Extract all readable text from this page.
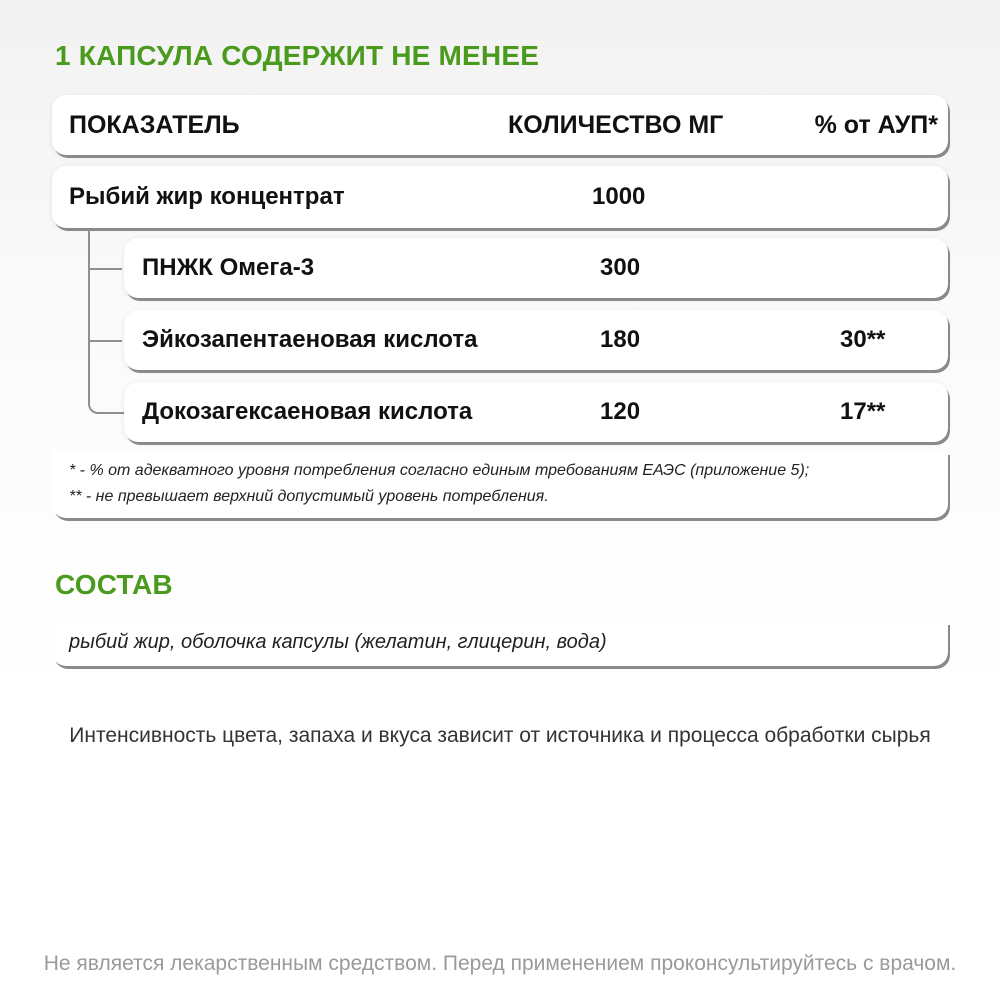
1 КАПСУЛА СОДЕРЖИТ НЕ МЕНЕЕ
ПОКАЗАТЕЛЬ	КОЛИЧЕСТВО МГ	% от АУП*
Рыбий жир концентрат	1000
ПНЖК Омега-3	300
Эйкозапентаеновая кислота	180	30**
Докозагексаеновая кислота	120	17**
* - % от адекватного уровня потребления согласно единым требованиям ЕАЭС (приложение 5);
** - не превышает верхний допустимый уровень потребления.
СОСТАВ
рыбий жир, оболочка капсулы (желатин, глицерин, вода)
Интенсивность цвета, запаха и вкуса зависит от источника и процесса обработки сырья
Не является лекарственным средством. Перед применением проконсультируйтесь с врачом.
